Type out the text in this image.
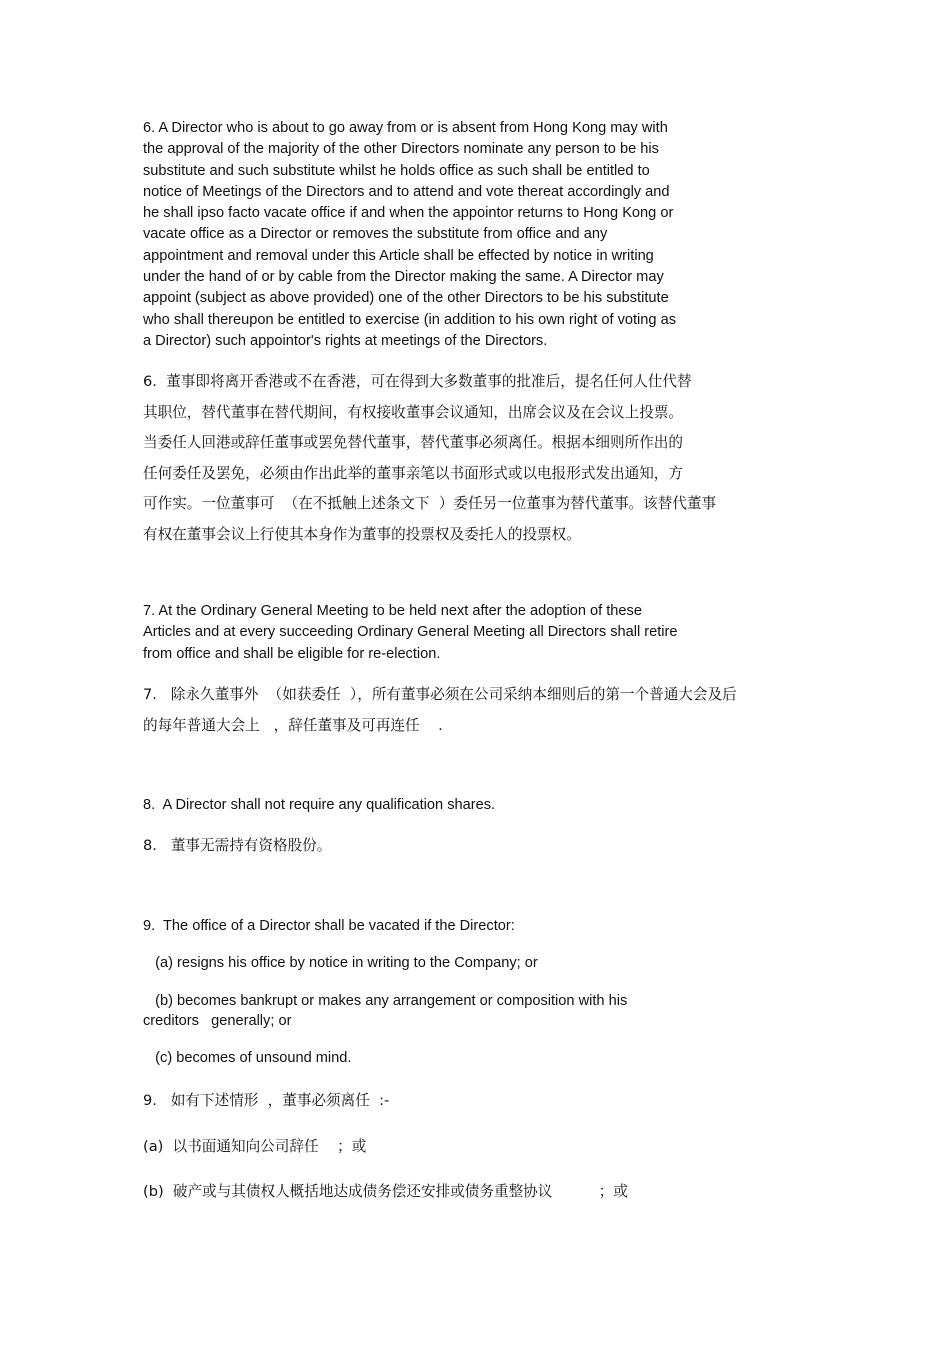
6. A Director who is about to go away from or is absent from Hong Kong may with
the approval of the majority of the other Directors nominate any person to be his
substitute and such substitute whilst he holds office as such shall be entitled to
notice of Meetings of the Directors and to attend and vote thereat accordingly and
he shall ipso facto vacate office if and when the appointor returns to Hong Kong or
vacate office as a Director or removes the substitute from office and any
appointment and removal under this Article shall be effected by notice in writing
under the hand of or by cable from the Director making the same. A Director may
appoint (subject as above provided) one of the other Directors to be his substitute
who shall thereupon be entitled to exercise (in addition to his own right of voting as
a Director) such appointor's rights at meetings of the Directors.
6.  董事即将离开香港或不在香港，可在得到大多数董事的批准后，提名任何人仕代替
其职位，替代董事在替代期间，有权接收董事会议通知，出席会议及在会议上投票。
当委任人回港或辞任董事或罢免替代董事，替代董事必须离任。根据本细则所作出的
任何委任及罢免，必须由作出此举的董事亲笔以书面形式或以电报形式发出通知，方
可作实。一位董事可  （在不抵触上述条文下  ）委任另一位董事为替代董事。该替代董事
有权在董事会议上行使其本身作为董事的投票权及委托人的投票权。
7. At the Ordinary General Meeting to be held next after the adoption of these
Articles and at every succeeding Ordinary General Meeting all Directors shall retire
from office and shall be eligible for re-election.
7.   除永久董事外  （如获委任  ），所有董事必须在公司采纳本细则后的第一个普通大会及后
的每年普通大会上   ，辞任董事及可再连任    .
8.  A Director shall not require any qualification shares.
8.   董事无需持有资格股份。
9.  The office of a Director shall be vacated if the Director:
(a) resigns his office by notice in writing to the Company; or
(b) becomes bankrupt or makes any arrangement or composition with his
creditors   generally; or
(c) becomes of unsound mind.
9.   如有下述情形  ，董事必须离任  :-
(a)  以书面通知向公司辞任    ；或
(b)  破产或与其债权人概括地达成债务偿还安排或债务重整协议          ；或
